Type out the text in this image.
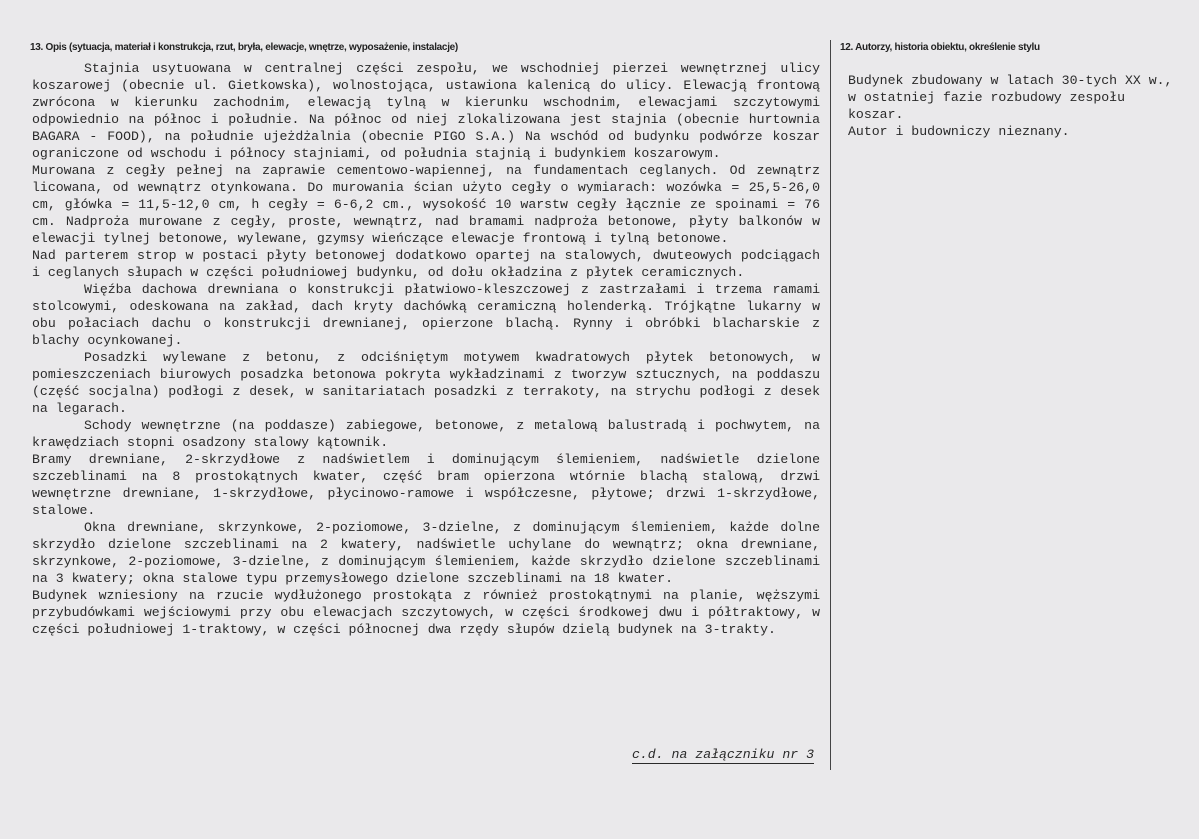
13. Opis (sytuacja, materiał i konstrukcja, rzut, bryła, elewacje, wnętrze, wyposażenie, instalacje)

Stajnia usytuowana w centralnej części zespołu, we wschodniej pierzei wewnętrznej ulicy koszarowej (obecnie ul. Gietkowska), wolnostojąca, ustawiona kalenicą do ulicy. Elewacją frontową zwrócona w kierunku zachodnim, elewacją tylną w kierunku wschodnim, elewacjami szczytowymi odpowiednio na północ i południe. Na północ od niej zlokalizowana jest stajnia (obecnie hurtownia BAGARA - FOOD), na południe ujeżdżalnia (obecnie PIGO S.A.) Na wschód od budynku podwórze koszar ograniczone od wschodu i północy stajniami, od południa stajnią i budynkiem koszarowym.

Murowana z cegły pełnej na zaprawie cementowo-wapiennej, na fundamentach ceglanych. Od zewnątrz licowana, od wewnątrz otynkowana. Do murowania ścian użyto cegły o wymiarach: wozówka = 25,5-26,0 cm, główka = 11,5-12,0 cm, h cegły = 6-6,2 cm., wysokość 10 warstw cegły łącznie ze spoinami = 76 cm. Nadproża murowane z cegły, proste, wewnątrz, nad bramami nadproża betonowe, płyty balkonów w elewacji tylnej betonowe, wylewane, gzymsy wieńczące elewacje frontową i tylną betonowe.

Nad parterem strop w postaci płyty betonowej dodatkowo opartej na stalowych, dwuteowych podciągach i ceglanych słupach w części południowej budynku, od dołu okładzina z płytek ceramicznych.

Więźba dachowa drewniana o konstrukcji płatwiowo-kleszczowej z zastrzałami i trzema ramami stolcowymi, odeskowana na zakład, dach kryty dachówką ceramiczną holenderką. Trójkątne lukarny w obu połaciach dachu o konstrukcji drewnianej, opierzone blachą. Rynny i obróbki blacharskie z blachy ocynkowanej.

Posadzki wylewane z betonu, z odciśniętym motywem kwadratowych płytek betonowych, w pomieszczeniach biurowych posadzka betonowa pokryta wykładzinami z tworzyw sztucznych, na poddaszu (część socjalna) podłogi z desek, w sanitariatach posadzki z terrakoty, na strychu podłogi z desek na legarach.

Schody wewnętrzne (na poddasze) zabiegowe, betonowe, z metalową balustradą i pochwytem, na krawędziach stopni osadzony stalowy kątownik.

Bramy drewniane, 2-skrzydłowe z nadświetlem i dominującym ślemieniem, nadświetle dzielone szczeblinami na 8 prostokątnych kwater, część bram opierzona wtórnie blachą stalową, drzwi wewnętrzne drewniane, 1-skrzydłowe, płycinowo-ramowe i współczesne, płytowe; drzwi 1-skrzydłowe, stalowe.

Okna drewniane, skrzynkowe, 2-poziomowe, 3-dzielne, z dominującym ślemieniem, każde dolne skrzydło dzielone szczeblinami na 2 kwatery, nadświetle uchylane do wewnątrz; okna drewniane, skrzynkowe, 2-poziomowe, 3-dzielne, z dominującym ślemieniem, każde skrzydło dzielone szczeblinami na 3 kwatery; okna stalowe typu przemysłowego dzielone szczeblinami na 18 kwater.

Budynek wzniesiony na rzucie wydłużonego prostokąta z również prostokątnymi na planie, węższymi przybudówkami wejściowymi przy obu elewacjach szczytowych, w części środkowej dwu i półtraktowy, w części południowej 1-traktowy, w części północnej dwa rzędy słupów dzielą budynek na 3-trakty.

c.d. na załączniku nr 3
12. Autorzy, historia obiektu, określenie stylu

Budynek zbudowany w latach 30-tych XX w., w ostatniej fazie rozbudowy zespołu koszar.

Autor i budowniczy nieznany.
